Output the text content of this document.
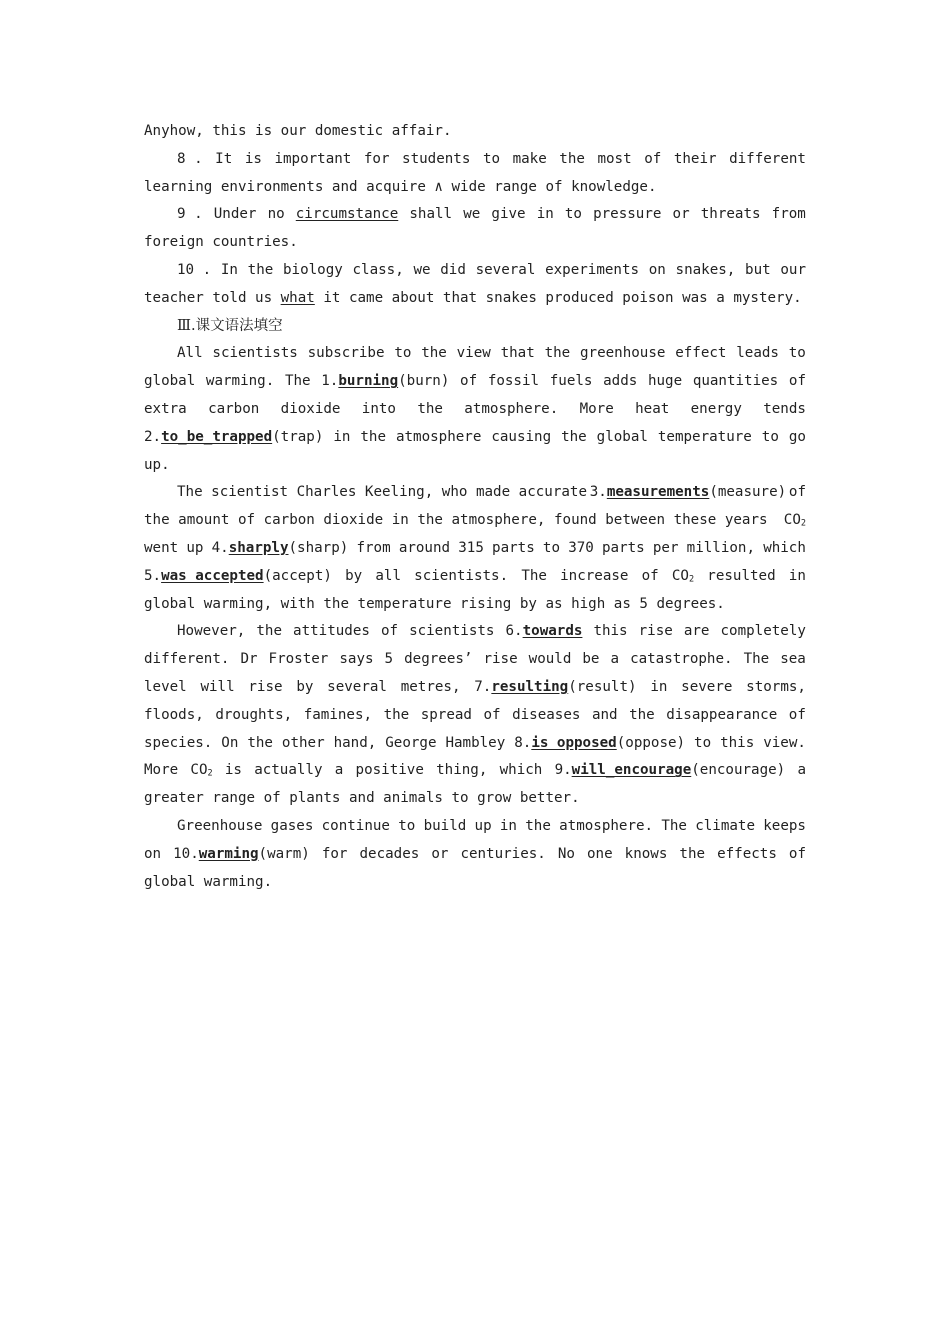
Anyhow, this is our domestic affair.
8 . It is important for students to make the most of their different
learning environments and acquire ∧ wide range of knowledge.
9 . Under no circumstance shall we give in to pressure or threats from
foreign countries.
10 . In the biology class, we did several experiments on snakes, but our
teacher told us what it came about that snakes produced poison was a mystery.
Ⅲ.课文语法填空
All scientists subscribe to the view that the greenhouse effect leads to
global warming. The 1.burning(burn) of fossil fuels adds huge quantities of
extra carbon dioxide into the atmosphere. More heat energy tends
2.to_be_trapped(trap) in the atmosphere causing the global temperature to go
up.
The scientist Charles Keeling, who made accurate 3.measurements(measure) of
the amount of carbon dioxide in the atmosphere, found between these years $CO_2$
went up 4.sharply(sharp) from around 315 parts to 370 parts per million, which
5.was accepted(accept) by all scientists. The increase of $CO_2$ resulted in
global warming, with the temperature rising by as high as 5 degrees.
However, the attitudes of scientists 6.towards this rise are completely
different. Dr Froster says 5 degrees’ rise would be a catastrophe. The sea
level will rise by several metres, 7.resulting(result) in severe storms,
floods, droughts, famines, the spread of diseases and the disappearance of
species. On the other hand, George Hambley 8.is opposed(oppose) to this view.
More $CO_2$ is actually a positive thing, which 9.will_encourage(encourage) a
greater range of plants and animals to grow better.
Greenhouse gases continue to build up in the atmosphere. The climate keeps
on 10.warming(warm) for decades or centuries. No one knows the effects of
global warming.
